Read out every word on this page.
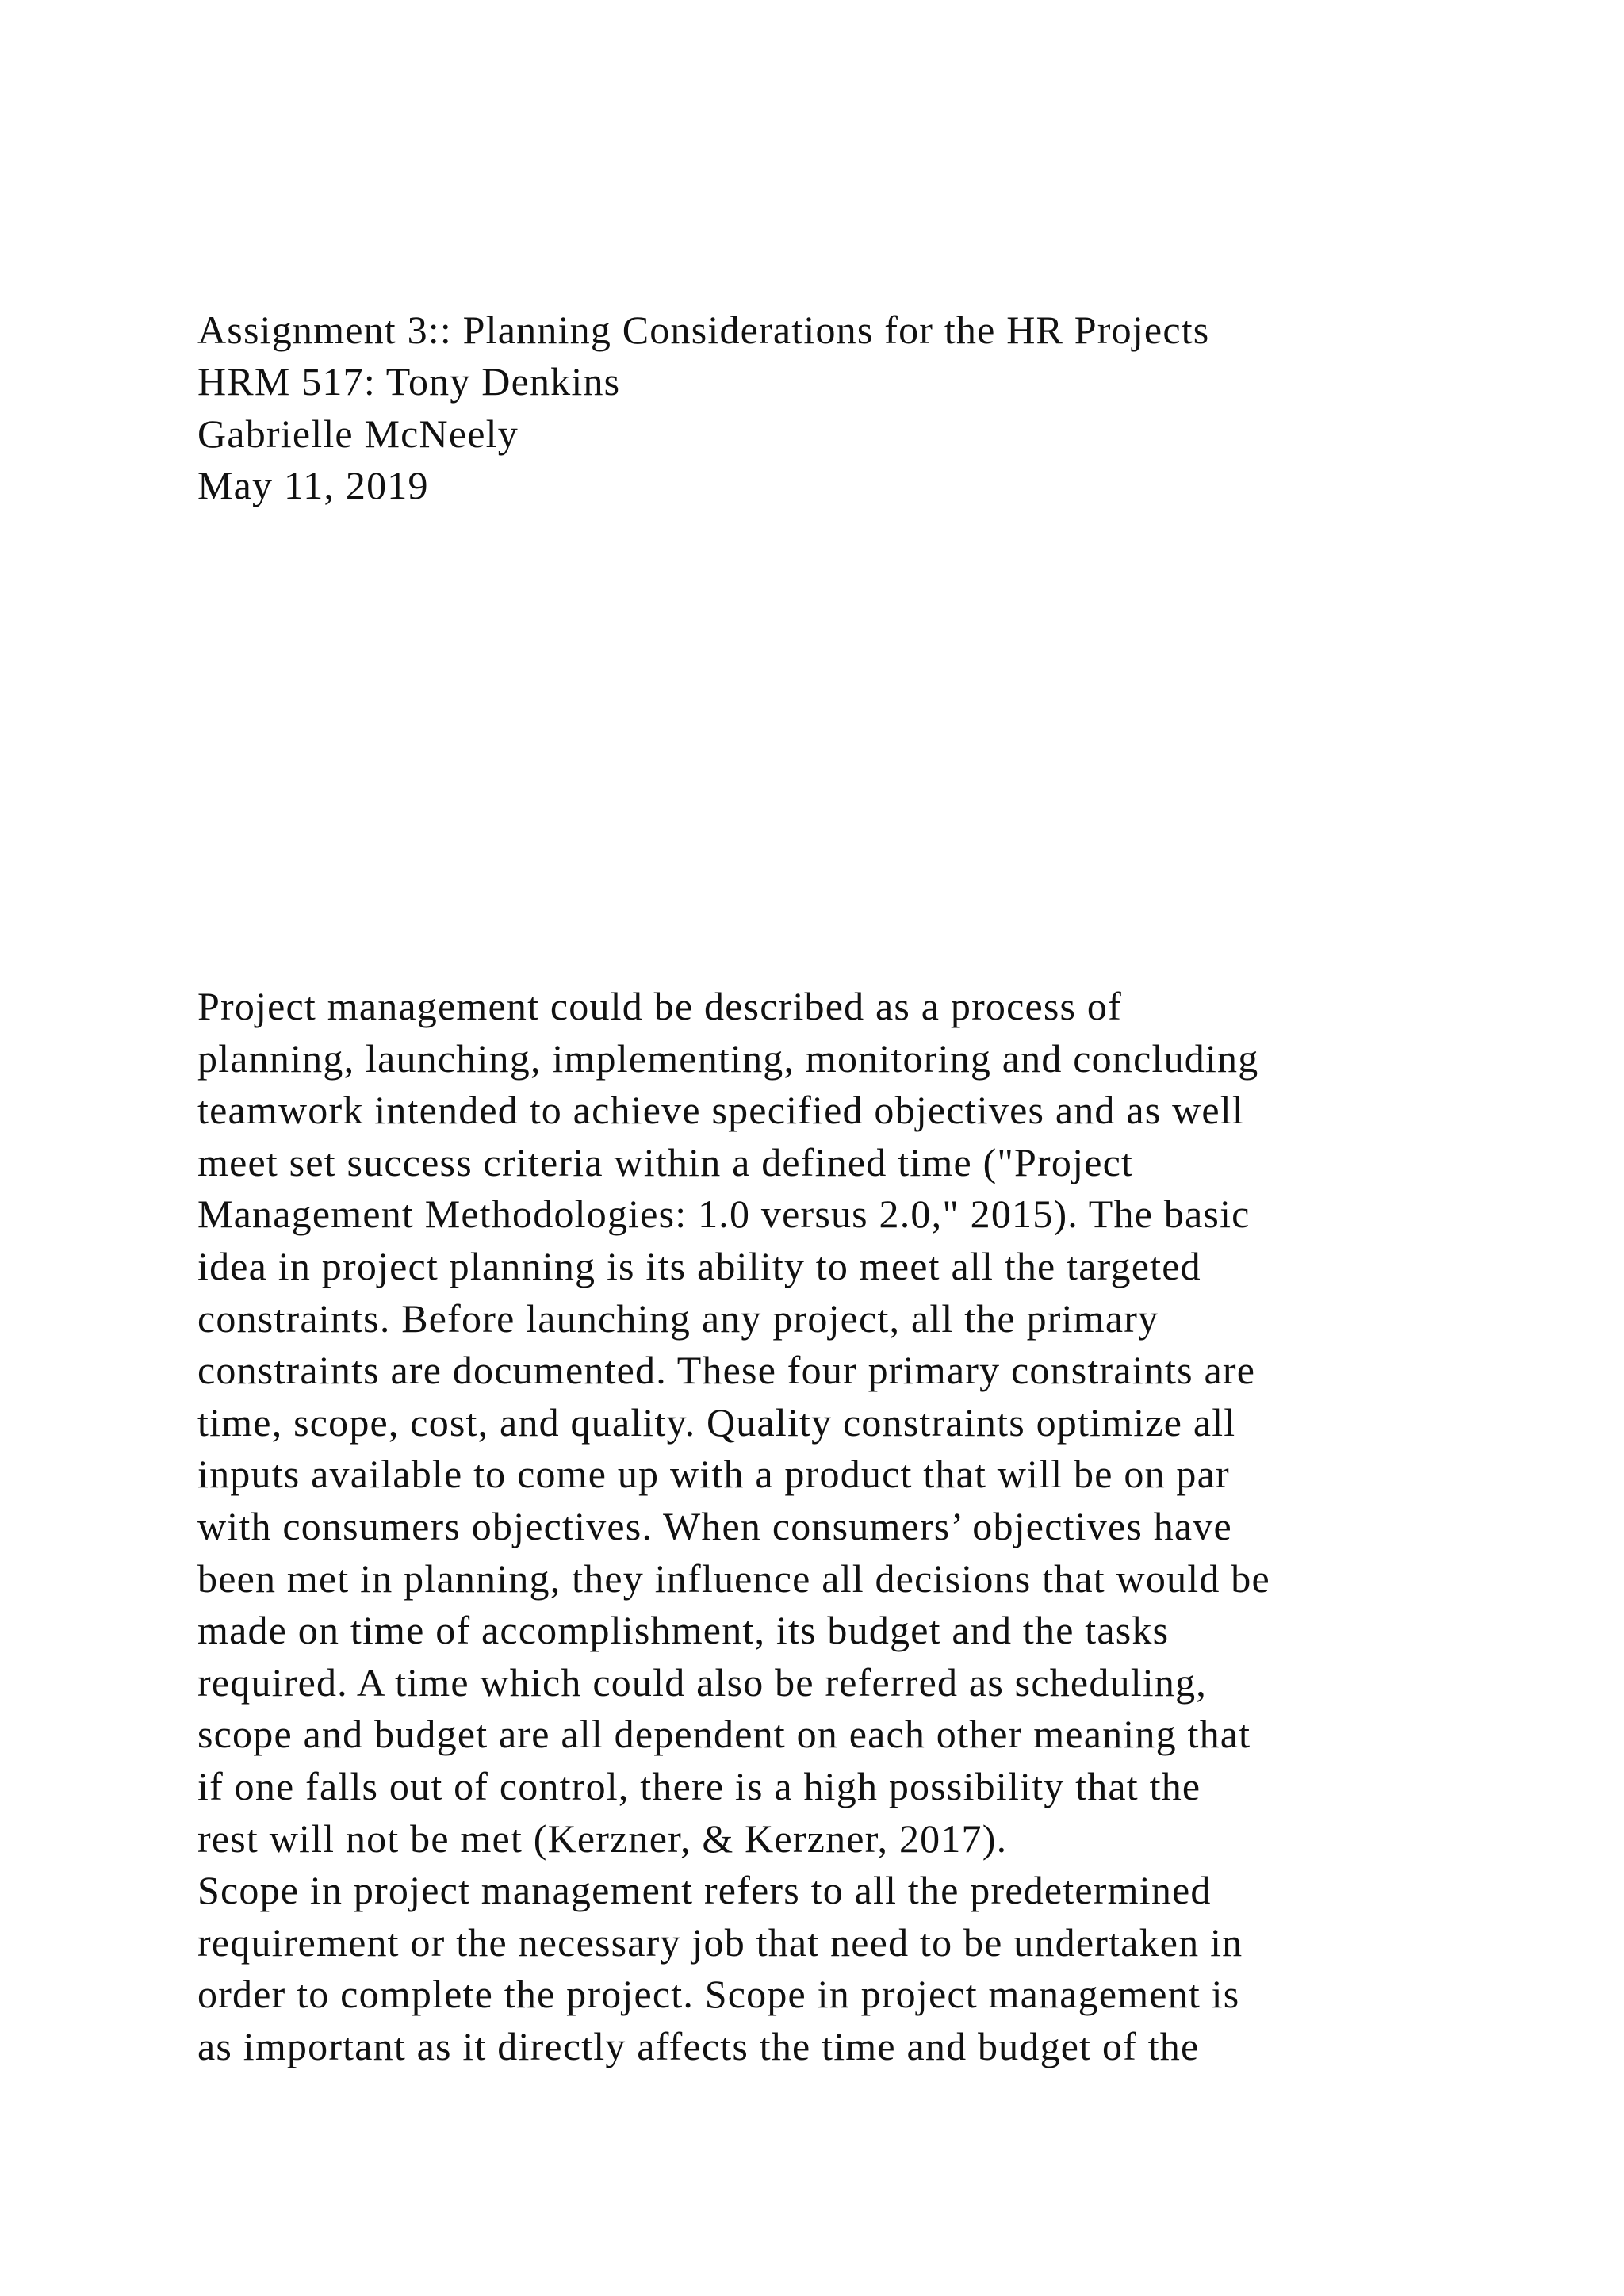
Assignment 3:: Planning Considerations for the HR Projects
HRM 517: Tony Denkins
Gabrielle McNeely
May 11, 2019
Project management could be described as a process of
planning, launching, implementing, monitoring and concluding
teamwork intended to achieve specified objectives and as well
meet set success criteria within a defined time ("Project
Management Methodologies: 1.0 versus 2.0," 2015). The basic
idea in project planning is its ability to meet all the targeted
constraints. Before launching any project, all the primary
constraints are documented. These four primary constraints are
time, scope, cost, and quality. Quality constraints optimize all
inputs available to come up with a product that will be on par
with consumers objectives. When consumers’ objectives have
been met in planning, they influence all decisions that would be
made on time of accomplishment, its budget and the tasks
required. A time which could also be referred as scheduling,
scope and budget are all dependent on each other meaning that
if one falls out of control, there is a high possibility that the
rest will not be met (Kerzner, & Kerzner, 2017).
Scope in project management refers to all the predetermined
requirement or the necessary job that need to be undertaken in
order to complete the project. Scope in project management is
as important as it directly affects the time and budget of the
